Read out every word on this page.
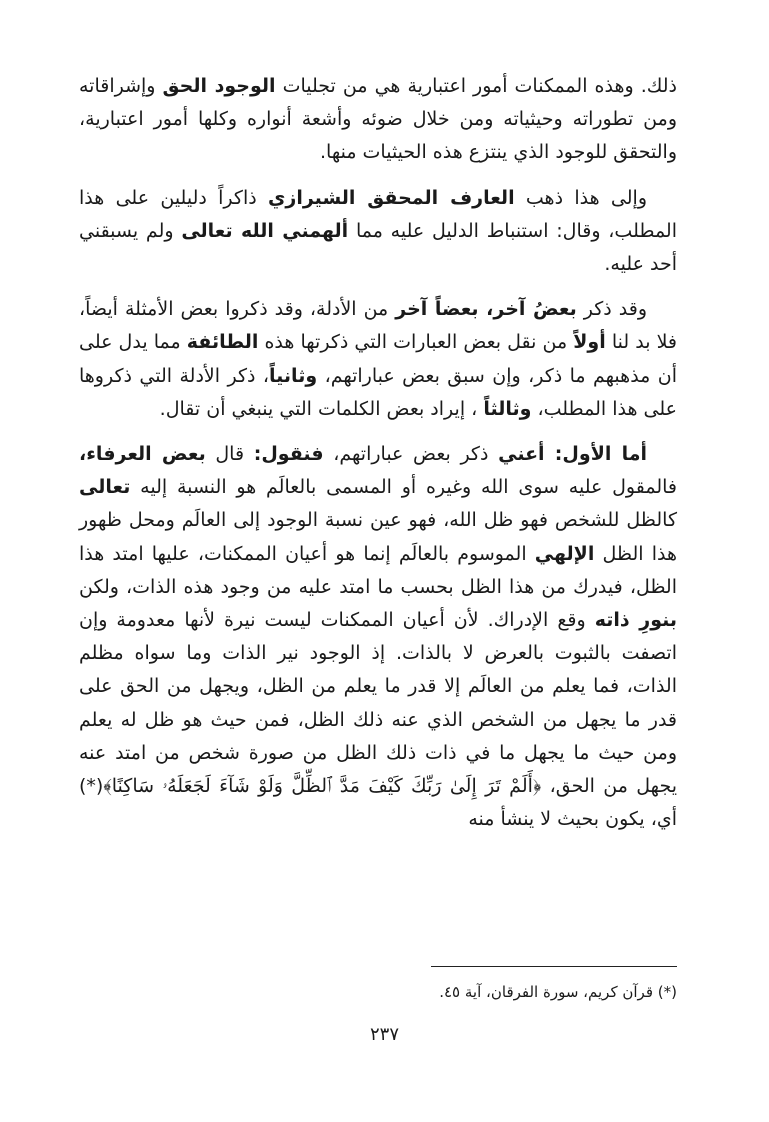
ذلك. وهذه الممكنات أمور اعتبارية هي من تجليات الوجود الحق وإشراقاته ومن تطوراته وحيثياته ومن خلال ضوئه وأشعة أنواره وكلها أمور اعتبارية، والتحقق للوجود الذي ينتزع هذه الحيثيات منها.

وإلى هذا ذهب العارف المحقق الشيرازي ذاكراً دليلين على هذا المطلب، وقال: استنباط الدليل عليه مما ألهمني الله تعالى ولم يسبقني أحد عليه.

وقد ذكر بعضُ آخر، بعضاً آخر من الأدلة، وقد ذكروا بعض الأمثلة أيضاً، فلا بد لنا أولاً من نقل بعض العبارات التي ذكرتها هذه الطائفة مما يدل على أن مذهبهم ما ذكر، وإن سبق بعض عباراتهم، وثانياً، ذكر الأدلة التي ذكروها على هذا المطلب، وثالثاً ، إيراد بعض الكلمات التي ينبغي أن تقال.

أما الأول: أعني ذكر بعض عباراتهم، فنقول: قال بعض العرفاء، فالمقول عليه سوى الله وغيره أو المسمى بالعالَم هو النسبة إليه تعالى كالظل للشخص فهو ظل الله، فهو عين نسبة الوجود إلى العالَم ومحل ظهور هذا الظل الإلهي الموسوم بالعالَم إنما هو أعيان الممكنات، عليها امتد هذا الظل، فيدرك من هذا الظل بحسب ما امتد عليه من وجود هذه الذات، ولكن بنورِ ذاته وقع الإدراك. لأن أعيان الممكنات ليست نيرة لأنها معدومة وإن اتصفت بالثبوت بالعرض لا بالذات. إذ الوجود نير الذات وما سواه مظلم الذات، فما يعلم من العالَم إلا قدر ما يعلم من الظل، ويجهل من الحق على قدر ما يجهل من الشخص الذي عنه ذلك الظل، فمن حيث هو ظل له يعلم ومن حيث ما يجهل ما في ذات ذلك الظل من صورة شخص من امتد عنه يجهل من الحق، ﴿أَلَمْ تَرَ إِلَىٰ رَبِّكَ كَيْفَ مَدَّ ٱلظِّلَّ وَلَوْ شَآءَ لَجَعَلَهُۥ سَاكِنًا﴾(*) أي، يكون بحيث لا ينشأ منه

(*) قرآن كريم، سورة الفرقان، آية ٤٥.
٢٣٧
